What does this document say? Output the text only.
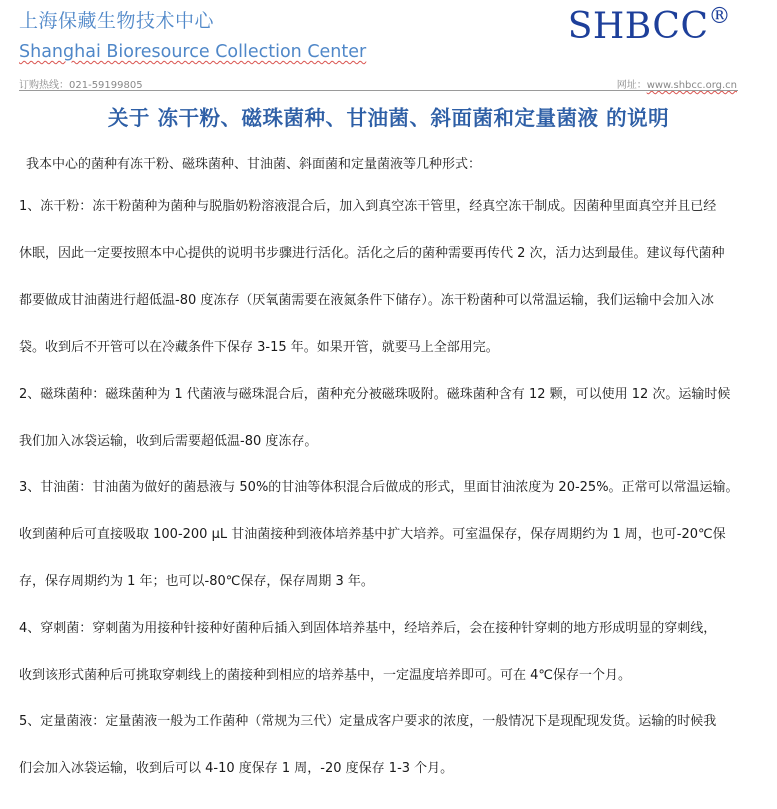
上海保藏生物技术中心
Shanghai Bioresource Collection Center
SHBCC®
订购热线：021-59199805	网址：www.shbcc.org.cn
关于 冻干粉、磁珠菌种、甘油菌、斜面菌和定量菌液 的说明
我本中心的菌种有冻干粉、磁珠菌种、甘油菌、斜面菌和定量菌液等几种形式：
1、冻干粉：冻干粉菌种为菌种与脱脂奶粉溶液混合后，加入到真空冻干管里，经真空冻干制成。因菌种里面真空并且已经
休眠，因此一定要按照本中心提供的说明书步骤进行活化。活化之后的菌种需要再传代 2 次，活力达到最佳。建议每代菌种
都要做成甘油菌进行超低温-80 度冻存（厌氧菌需要在液氮条件下储存）。冻干粉菌种可以常温运输，我们运输中会加入冰
袋。收到后不开管可以在冷藏条件下保存 3-15 年。如果开管，就要马上全部用完。
2、磁珠菌种：磁珠菌种为 1 代菌液与磁珠混合后，菌种充分被磁珠吸附。磁珠菌种含有 12 颗，可以使用 12 次。运输时候
我们加入冰袋运输，收到后需要超低温-80 度冻存。
3、甘油菌：甘油菌为做好的菌悬液与 50%的甘油等体积混合后做成的形式，里面甘油浓度为 20-25%。正常可以常温运输。
收到菌种后可直接吸取 100-200 μL 甘油菌接种到液体培养基中扩大培养。可室温保存，保存周期约为 1 周，也可-20℃保
存，保存周期约为 1 年；也可以-80℃保存，保存周期 3 年。
4、穿刺菌：穿刺菌为用接种针接种好菌种后插入到固体培养基中，经培养后，会在接种针穿刺的地方形成明显的穿刺线，
收到该形式菌种后可挑取穿刺线上的菌接种到相应的培养基中，一定温度培养即可。可在 4℃保存一个月。
5、定量菌液：定量菌液一般为工作菌种（常规为三代）定量成客户要求的浓度，一般情况下是现配现发货。运输的时候我
们会加入冰袋运输，收到后可以 4-10 度保存 1 周，-20 度保存 1-3 个月。
